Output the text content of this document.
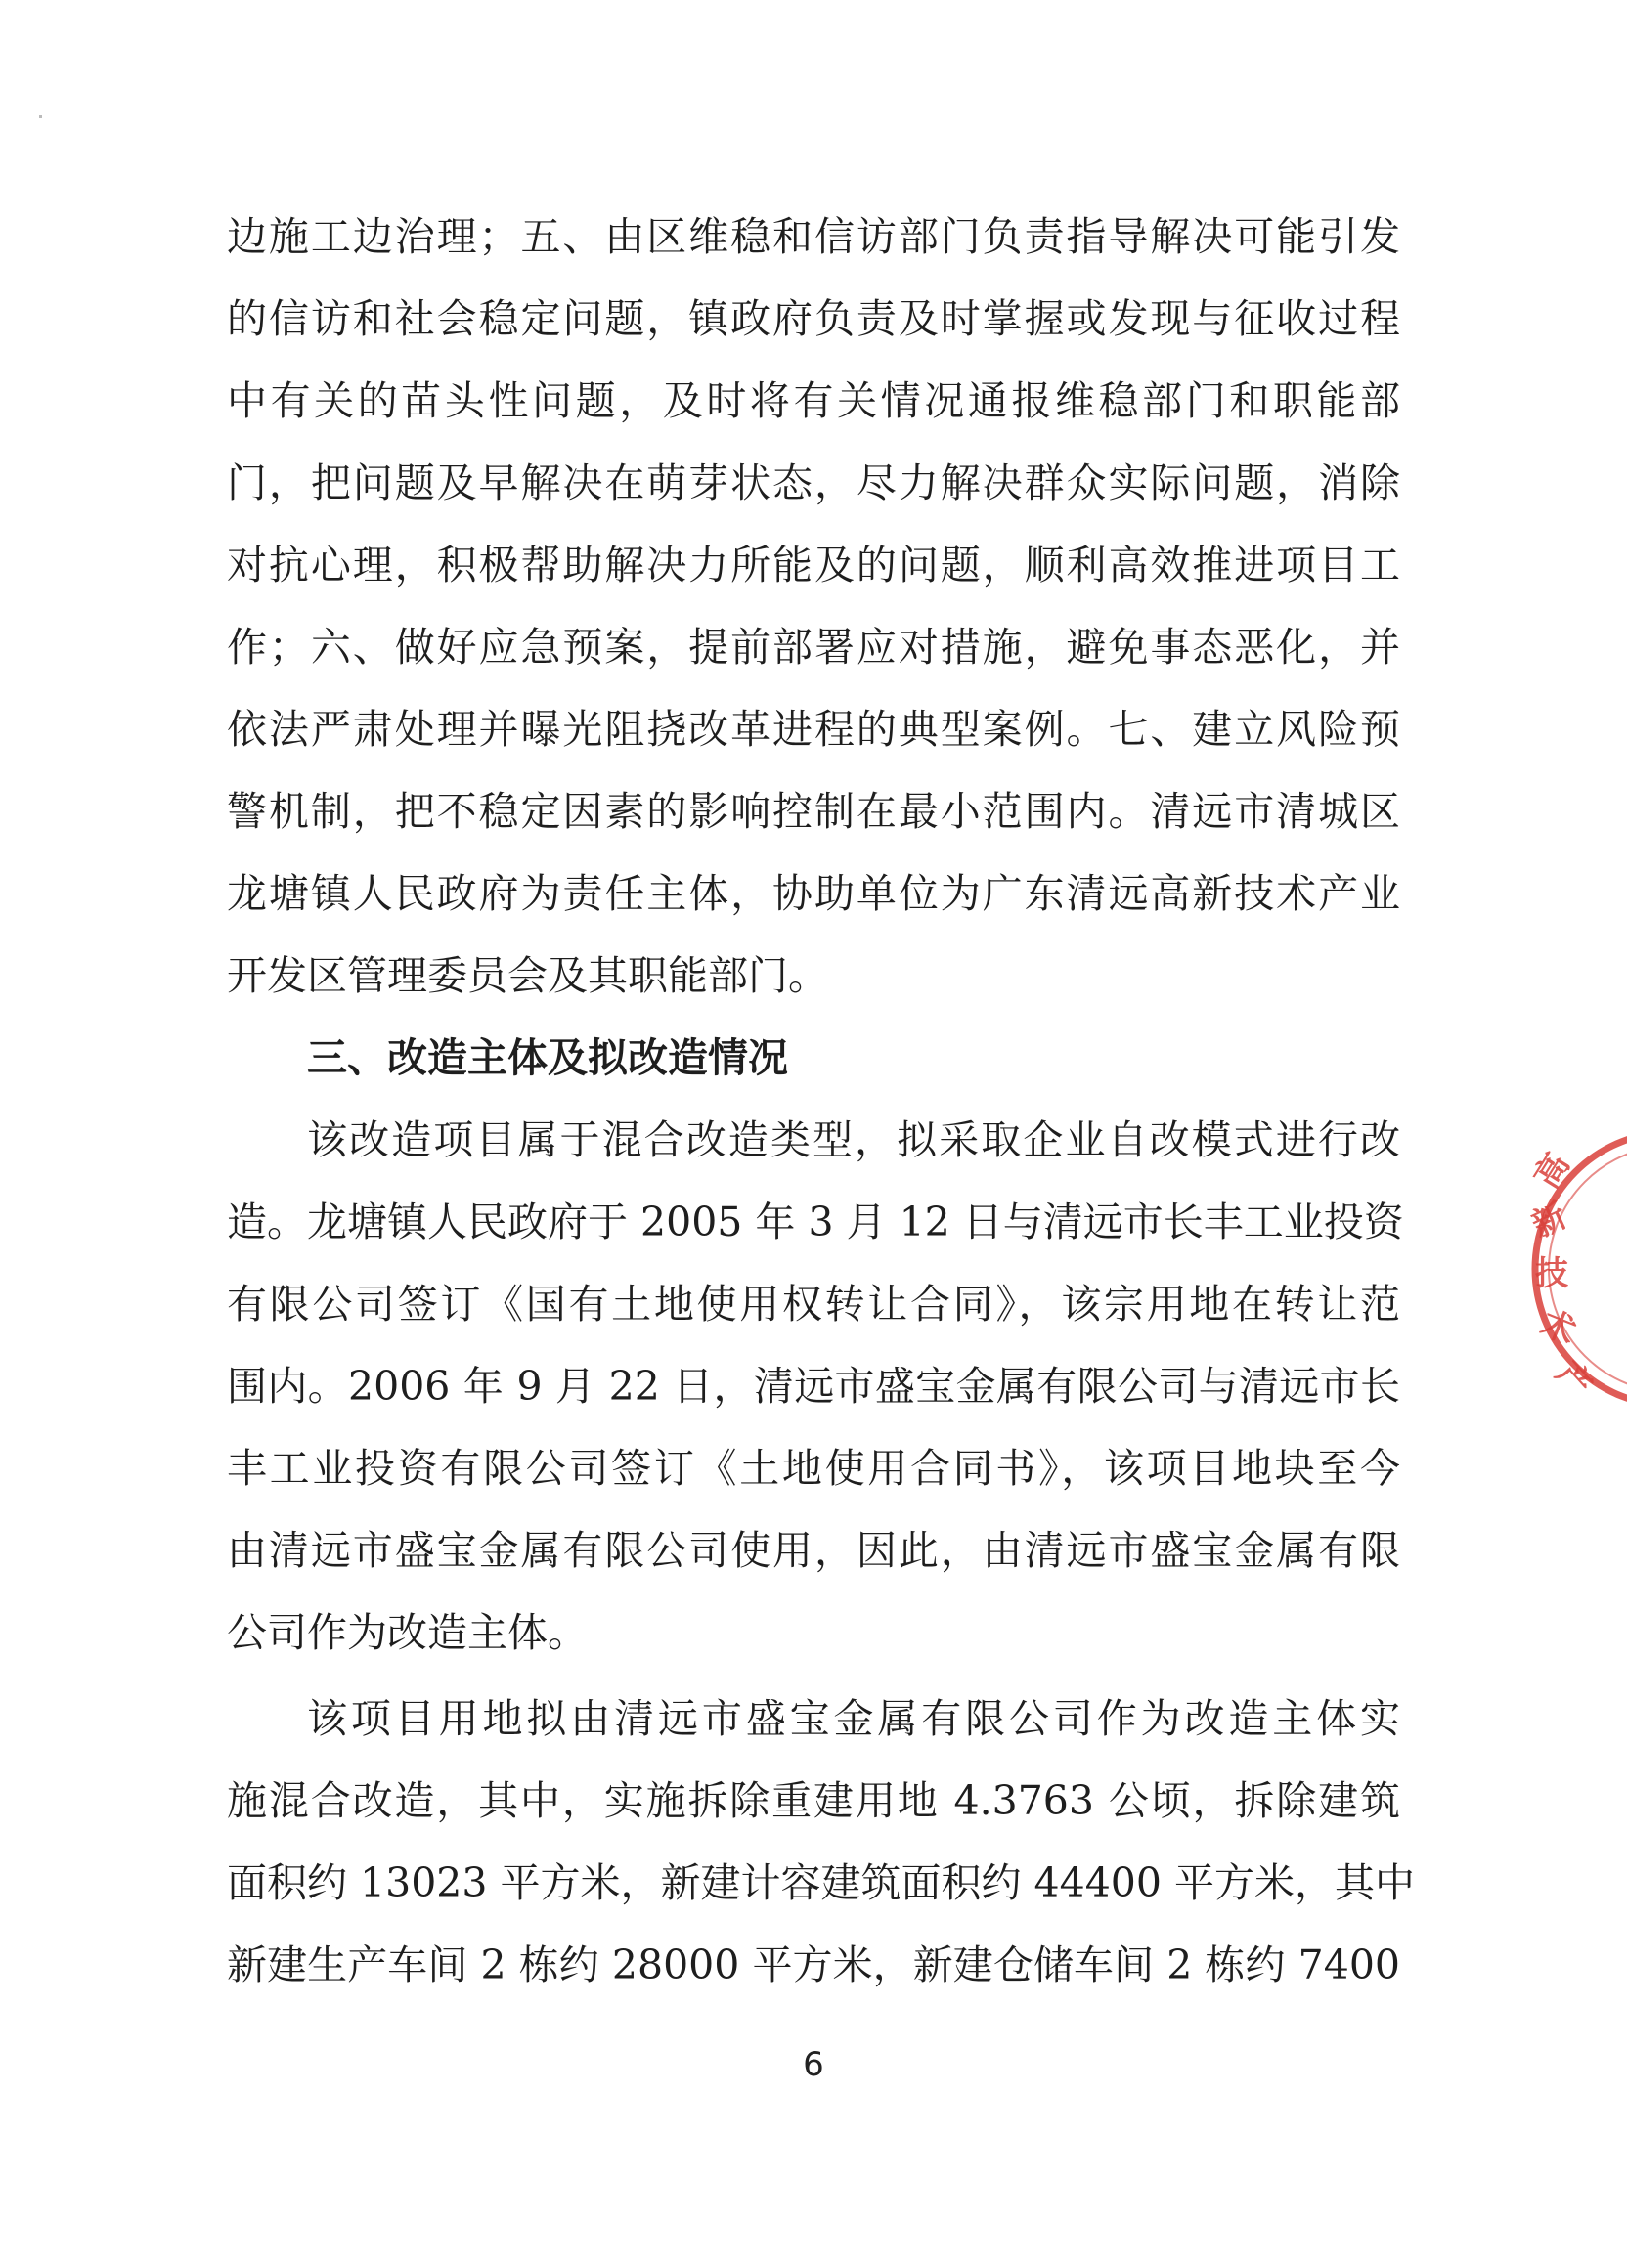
边施工边治理；五、由区维稳和信访部门负责指导解决可能引发
的信访和社会稳定问题，镇政府负责及时掌握或发现与征收过程
中有关的苗头性问题，及时将有关情况通报维稳部门和职能部
门，把问题及早解决在萌芽状态，尽力解决群众实际问题，消除
对抗心理，积极帮助解决力所能及的问题，顺利高效推进项目工
作；六、做好应急预案，提前部署应对措施，避免事态恶化，并
依法严肃处理并曝光阻挠改革进程的典型案例。七、建立风险预
警机制，把不稳定因素的影响控制在最小范围内。清远市清城区
龙塘镇人民政府为责任主体，协助单位为广东清远高新技术产业
开发区管理委员会及其职能部门。
三、改造主体及拟改造情况
该改造项目属于混合改造类型，拟采取企业自改模式进行改
造。龙塘镇人民政府于 2005 年 3 月 12 日与清远市长丰工业投资
有限公司签订《国有土地使用权转让合同》，该宗用地在转让范
围内。2006 年 9 月 22 日，清远市盛宝金属有限公司与清远市长
丰工业投资有限公司签订《土地使用合同书》，该项目地块至今
由清远市盛宝金属有限公司使用，因此，由清远市盛宝金属有限
公司作为改造主体。
该项目用地拟由清远市盛宝金属有限公司作为改造主体实
施混合改造，其中，实施拆除重建用地 4.3763 公顷，拆除建筑
面积约 13023 平方米，新建计容建筑面积约 44400 平方米，其中
新建生产车间 2 栋约 28000 平方米，新建仓储车间 2 栋约 7400
高
新
技
术
产
6
